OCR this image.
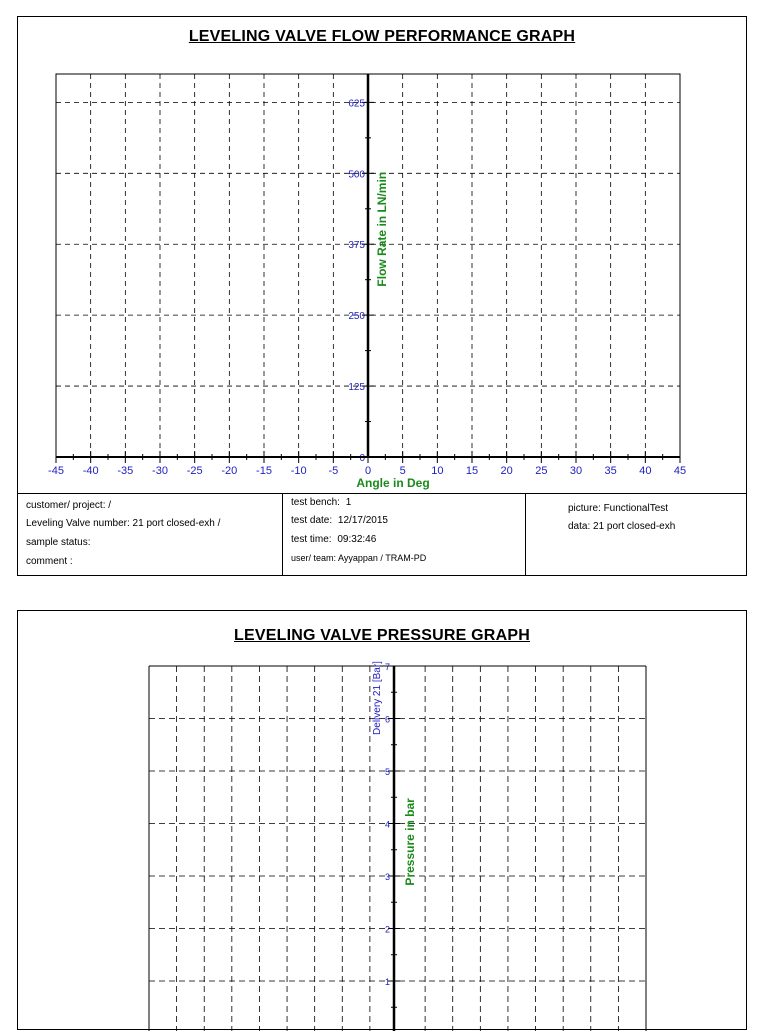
LEVELING VALVE FLOW PERFORMANCE GRAPH
-45 -40 -35 -30 -25 -20 -15 -10 -5 0	5 10 15 20 25 30 35 40 45
0
125
250
375
500
625
Angle in Deg
Flow Rate in LN/min
customer/ project: /
Leveling Valve number: 21 port closed-exh /
sample status:
comment :
test bench: 1
test date: 12/17/2015
test time: 09:32:46
user/ team: Ayyappan / TRAM-PD
picture: FunctionalTest
data: 21 port closed-exh
LEVELING VALVE PRESSURE GRAPH
1
2
3
4
5
6
7
Delivery 21 [Bar]
Pressure in bar
